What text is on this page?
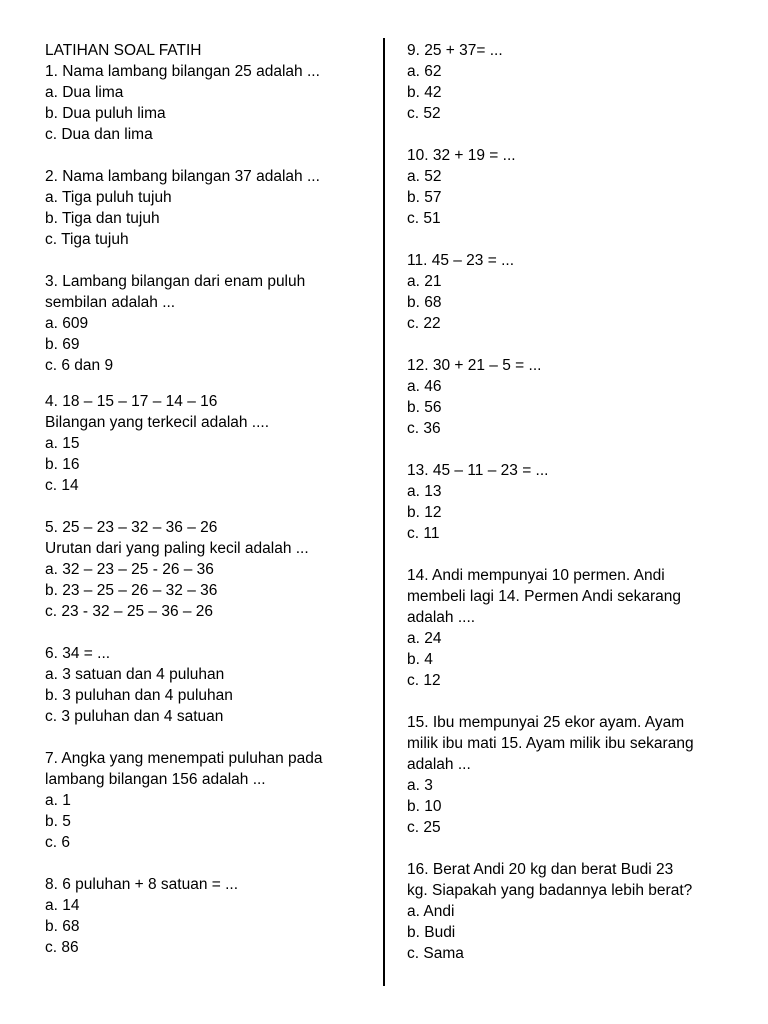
LATIHAN SOAL FATIH
1. Nama lambang bilangan 25 adalah ...
a. Dua lima
b. Dua puluh lima
c. Dua dan lima
2. Nama lambang bilangan 37 adalah ...
a. Tiga puluh tujuh
b. Tiga dan tujuh
c. Tiga tujuh
3. Lambang bilangan dari enam puluh
sembilan adalah ...
a. 609
b. 69
c. 6 dan 9
4. 18 – 15 – 17 – 14 – 16
Bilangan yang terkecil adalah ....
a. 15
b. 16
c. 14
5. 25 – 23 – 32 – 36 – 26
Urutan dari yang paling kecil adalah ...
a. 32 – 23 – 25 - 26 – 36
b. 23 – 25 – 26 – 32 – 36
c. 23 - 32 – 25 – 36 – 26
6. 34 = ...
a. 3 satuan dan 4 puluhan
b. 3 puluhan dan 4 puluhan
c. 3 puluhan dan 4 satuan
7. Angka yang menempati puluhan pada
lambang bilangan 156 adalah ...
a. 1
b. 5
c. 6
8. 6 puluhan + 8 satuan = ...
a. 14
b. 68
c. 86
9. 25 + 37= ...
a. 62
b. 42
c. 52
10. 32 + 19 = ...
a. 52
b. 57
c. 51
11. 45 – 23 = ...
a. 21
b. 68
c. 22
12. 30 + 21 – 5 = ...
a. 46
b. 56
c. 36
13. 45 – 11 – 23 = ...
a. 13
b. 12
c. 11
14. Andi mempunyai 10 permen. Andi
membeli lagi 14. Permen Andi sekarang
adalah ....
a. 24
b. 4
c. 12
15. Ibu mempunyai 25 ekor ayam. Ayam
milik ibu mati 15. Ayam milik ibu sekarang
adalah ...
a. 3
b. 10
c. 25
16. Berat Andi 20 kg dan berat Budi 23
kg. Siapakah yang badannya lebih berat?
a. Andi
b. Budi
c. Sama
